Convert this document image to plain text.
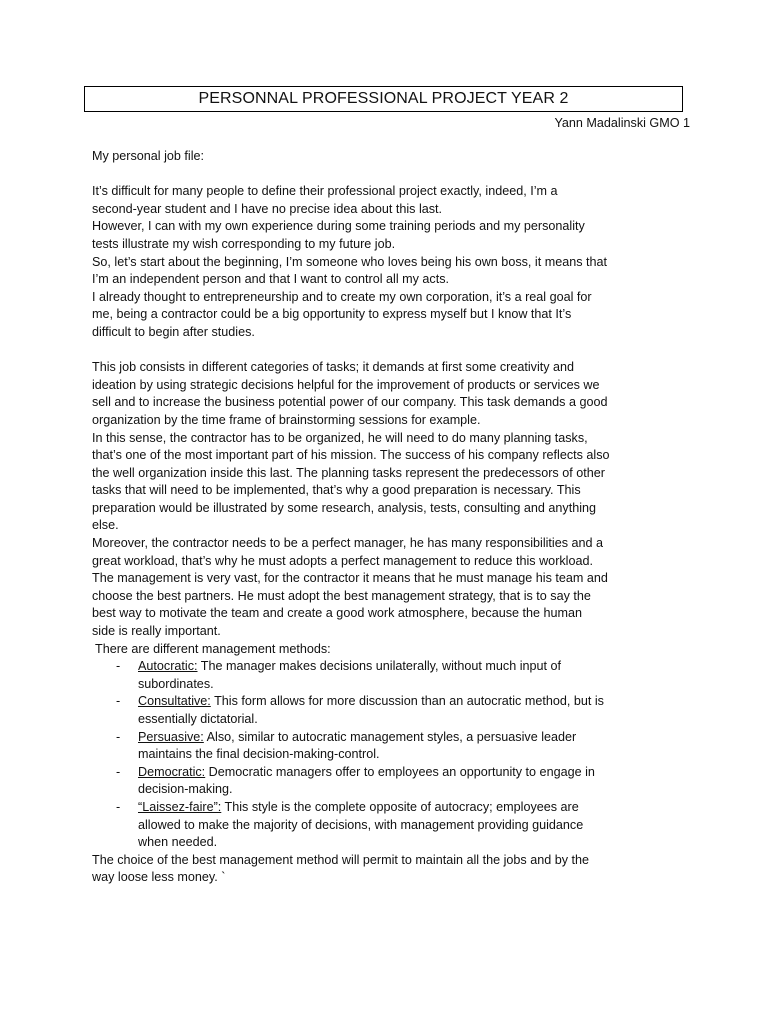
PERSONNAL PROFESSIONAL PROJECT YEAR 2
Yann Madalinski GMO 1

My personal job file:

It’s difficult for many people to define their professional project exactly, indeed, I’m a

second-year student and I have no precise idea about this last.

However, I can with my own experience during some training periods and my personality

tests illustrate my wish corresponding to my future job.

So, let’s start about the beginning, I’m someone who loves being his own boss, it means that

I’m an independent person and that I want to control all my acts.

I already thought to entrepreneurship and to create my own corporation, it’s a real goal for

me, being a contractor could be a big opportunity to express myself but I know that It’s

difficult to begin after studies.

This job consists in different categories of tasks; it demands at first some creativity and

ideation by using strategic decisions helpful for the improvement of products or services we

sell and to increase the business potential power of our company. This task demands a good

organization by the time frame of brainstorming sessions for example.

In this sense, the contractor has to be organized, he will need to do many planning tasks,

that’s one of the most important part of his mission. The success of his company reflects also

the well organization inside this last. The planning tasks represent the predecessors of other

tasks that will need to be implemented, that’s why a good preparation is necessary. This

preparation would be illustrated by some research, analysis, tests, consulting and anything

else.

Moreover, the contractor needs to be a perfect manager, he has many responsibilities and a

great workload, that’s why he must adopts a perfect management to reduce this workload.

The management is very vast, for the contractor it means that he must manage his team and

choose the best partners. He must adopt the best management strategy, that is to say the

best way to motivate the team and create a good work atmosphere, because the human

side is really important.

There are different management methods:

- Autocratic: The manager makes decisions unilaterally, without much input of
subordinates.
- Consultative: This form allows for more discussion than an autocratic method, but is
essentially dictatorial.
- Persuasive: Also, similar to autocratic management styles, a persuasive leader
maintains the final decision-making-control.
- Democratic: Democratic managers offer to employees an opportunity to engage in
decision-making.
- “Laissez-faire”: This style is the complete opposite of autocracy; employees are
allowed to make the majority of decisions, with management providing guidance
when needed.

The choice of the best management method will permit to maintain all the jobs and by the

way loose less money. `
